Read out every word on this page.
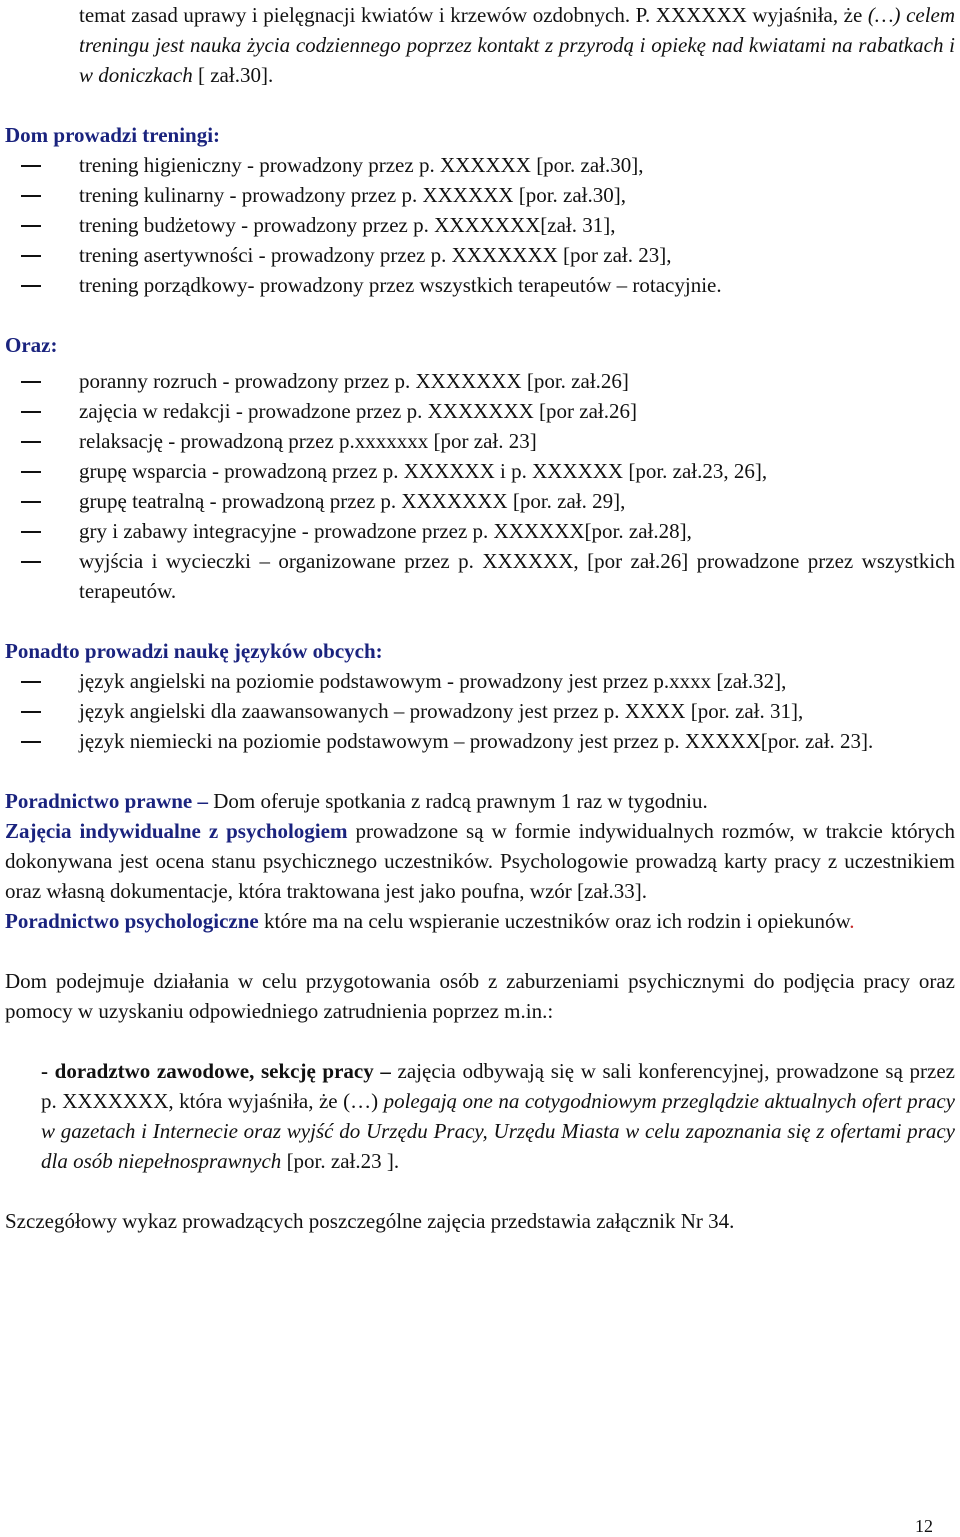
temat zasad uprawy i pielęgnacji kwiatów i krzewów ozdobnych. P. XXXXXX wyjaśniła, że (…) celem treningu jest nauka życia codziennego poprzez kontakt z przyrodą i opiekę nad kwiatami na rabatkach i w doniczkach [ zał.30].

Dom prowadzi treningi:

trening higieniczny - prowadzony przez p. XXXXXX [por. zał.30],
trening kulinarny - prowadzony przez p. XXXXXX [por. zał.30],
trening budżetowy - prowadzony przez p. XXXXXXX[zał. 31],
trening asertywności - prowadzony przez p. XXXXXXX [por zał. 23],
trening porządkowy- prowadzony przez wszystkich terapeutów – rotacyjnie.

Oraz:

poranny rozruch - prowadzony przez p. XXXXXXX [por. zał.26]
zajęcia w redakcji - prowadzone przez p. XXXXXXX [por zał.26]
relaksację - prowadzoną przez p.xxxxxxx [por zał. 23]
grupę wsparcia - prowadzoną przez p. XXXXXX i p. XXXXXX [por. zał.23, 26],
grupę teatralną - prowadzoną przez p. XXXXXXX [por. zał. 29],
gry i zabawy integracyjne - prowadzone przez p. XXXXXX[por. zał.28],
wyjścia i wycieczki – organizowane przez p. XXXXXX, [por zał.26] prowadzone przez wszystkich terapeutów.

Ponadto prowadzi naukę języków obcych:

język angielski na poziomie podstawowym - prowadzony jest przez p.xxxx [zał.32],
język angielski dla zaawansowanych – prowadzony jest przez p. XXXX [por. zał. 31],
język niemiecki na poziomie podstawowym – prowadzony jest przez p. XXXXX[por. zał. 23].

Poradnictwo prawne – Dom oferuje spotkania z radcą prawnym 1 raz w tygodniu.

Zajęcia indywidualne z psychologiem prowadzone są w formie indywidualnych rozmów, w trakcie których dokonywana jest ocena stanu psychicznego uczestników. Psychologowie prowadzą karty pracy z uczestnikiem oraz własną dokumentacje, która traktowana jest jako poufna, wzór [zał.33].

Poradnictwo psychologiczne które ma na celu wspieranie uczestników oraz ich rodzin i opiekunów.

Dom podejmuje działania w celu przygotowania osób z zaburzeniami psychicznymi do podjęcia pracy oraz pomocy w uzyskaniu odpowiedniego zatrudnienia poprzez m.in.:

- doradztwo zawodowe, sekcję pracy – zajęcia odbywają się w sali konferencyjnej, prowadzone są przez p. XXXXXXX, która wyjaśniła, że (…) polegają one na cotygodniowym przeglądzie aktualnych ofert pracy w gazetach i Internecie oraz wyjść do Urzędu Pracy, Urzędu Miasta w celu zapoznania się z ofertami pracy dla osób niepełnosprawnych [por. zał.23 ].

Szczegółowy wykaz prowadzących poszczególne zajęcia przedstawia załącznik Nr 34.

12
